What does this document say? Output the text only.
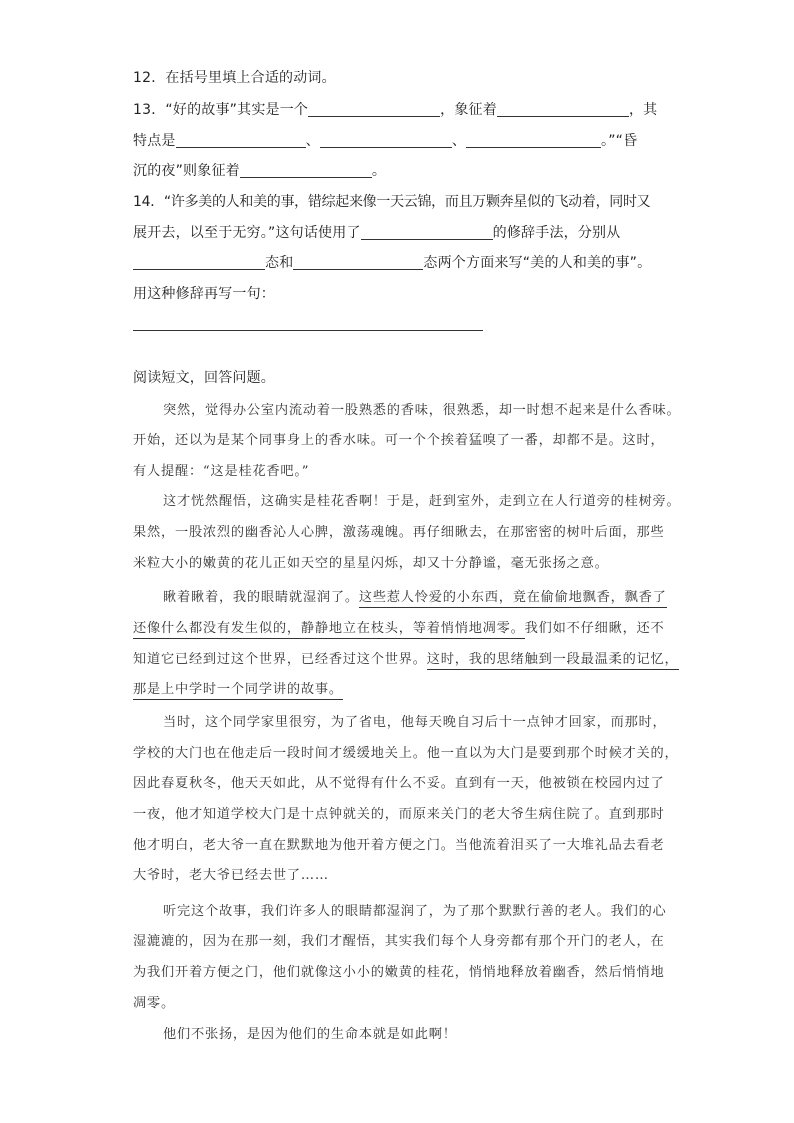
12．在括号里填上合适的动词。
13．“好的故事”其实是一个	，象征着	，其
特点是	、	、	。”“昏
沉的夜”则象征着	。
14．“许多美的人和美的事，错综起来像一天云锦，而且万颗奔星似的飞动着，同时又
展开去，以至于无穷。”这句话使用了	的修辞手法，分别从
态和	态两个方面来写“美的人和美的事”。
用这种修辞再写一句：
阅读短文，回答问题。
突然，觉得办公室内流动着一股熟悉的香味，很熟悉，却一时想不起来是什么香味。
开始，还以为是某个同事身上的香水味。可一个个挨着猛嗅了一番，却都不是。这时，
有人提醒：“这是桂花香吧。”
这才恍然醒悟，这确实是桂花香啊！于是，赶到室外，走到立在人行道旁的桂树旁。
果然，一股浓烈的幽香沁人心脾，激荡魂魄。再仔细瞅去，在那密密的树叶后面，那些
米粒大小的嫩黄的花儿正如天空的星星闪烁，却又十分静谧，毫无张扬之意。
瞅着瞅着，我的眼睛就湿润了。这些惹人怜爱的小东西，竟在偷偷地飘香，飘香了
还像什么都没有发生似的，静静地立在枝头，等着悄悄地凋零。我们如不仔细瞅，还不
知道它已经到过这个世界，已经香过这个世界。这时，我的思绪触到一段最温柔的记忆，
那是上中学时一个同学讲的故事。
当时，这个同学家里很穷，为了省电，他每天晚自习后十一点钟才回家，而那时，
学校的大门也在他走后一段时间才缓缓地关上。他一直以为大门是要到那个时候才关的，
因此春夏秋冬，他天天如此，从不觉得有什么不妥。直到有一天，他被锁在校园内过了
一夜，他才知道学校大门是十点钟就关的，而原来关门的老大爷生病住院了。直到那时
他才明白，老大爷一直在默默地为他开着方便之门。当他流着泪买了一大堆礼品去看老
大爷时，老大爷已经去世了……
听完这个故事，我们许多人的眼睛都湿润了，为了那个默默行善的老人。我们的心
湿漉漉的，因为在那一刻，我们才醒悟，其实我们每个人身旁都有那个开门的老人，在
为我们开着方便之门，他们就像这小小的嫩黄的桂花，悄悄地释放着幽香，然后悄悄地
凋零。
他们不张扬，是因为他们的生命本就是如此啊！
